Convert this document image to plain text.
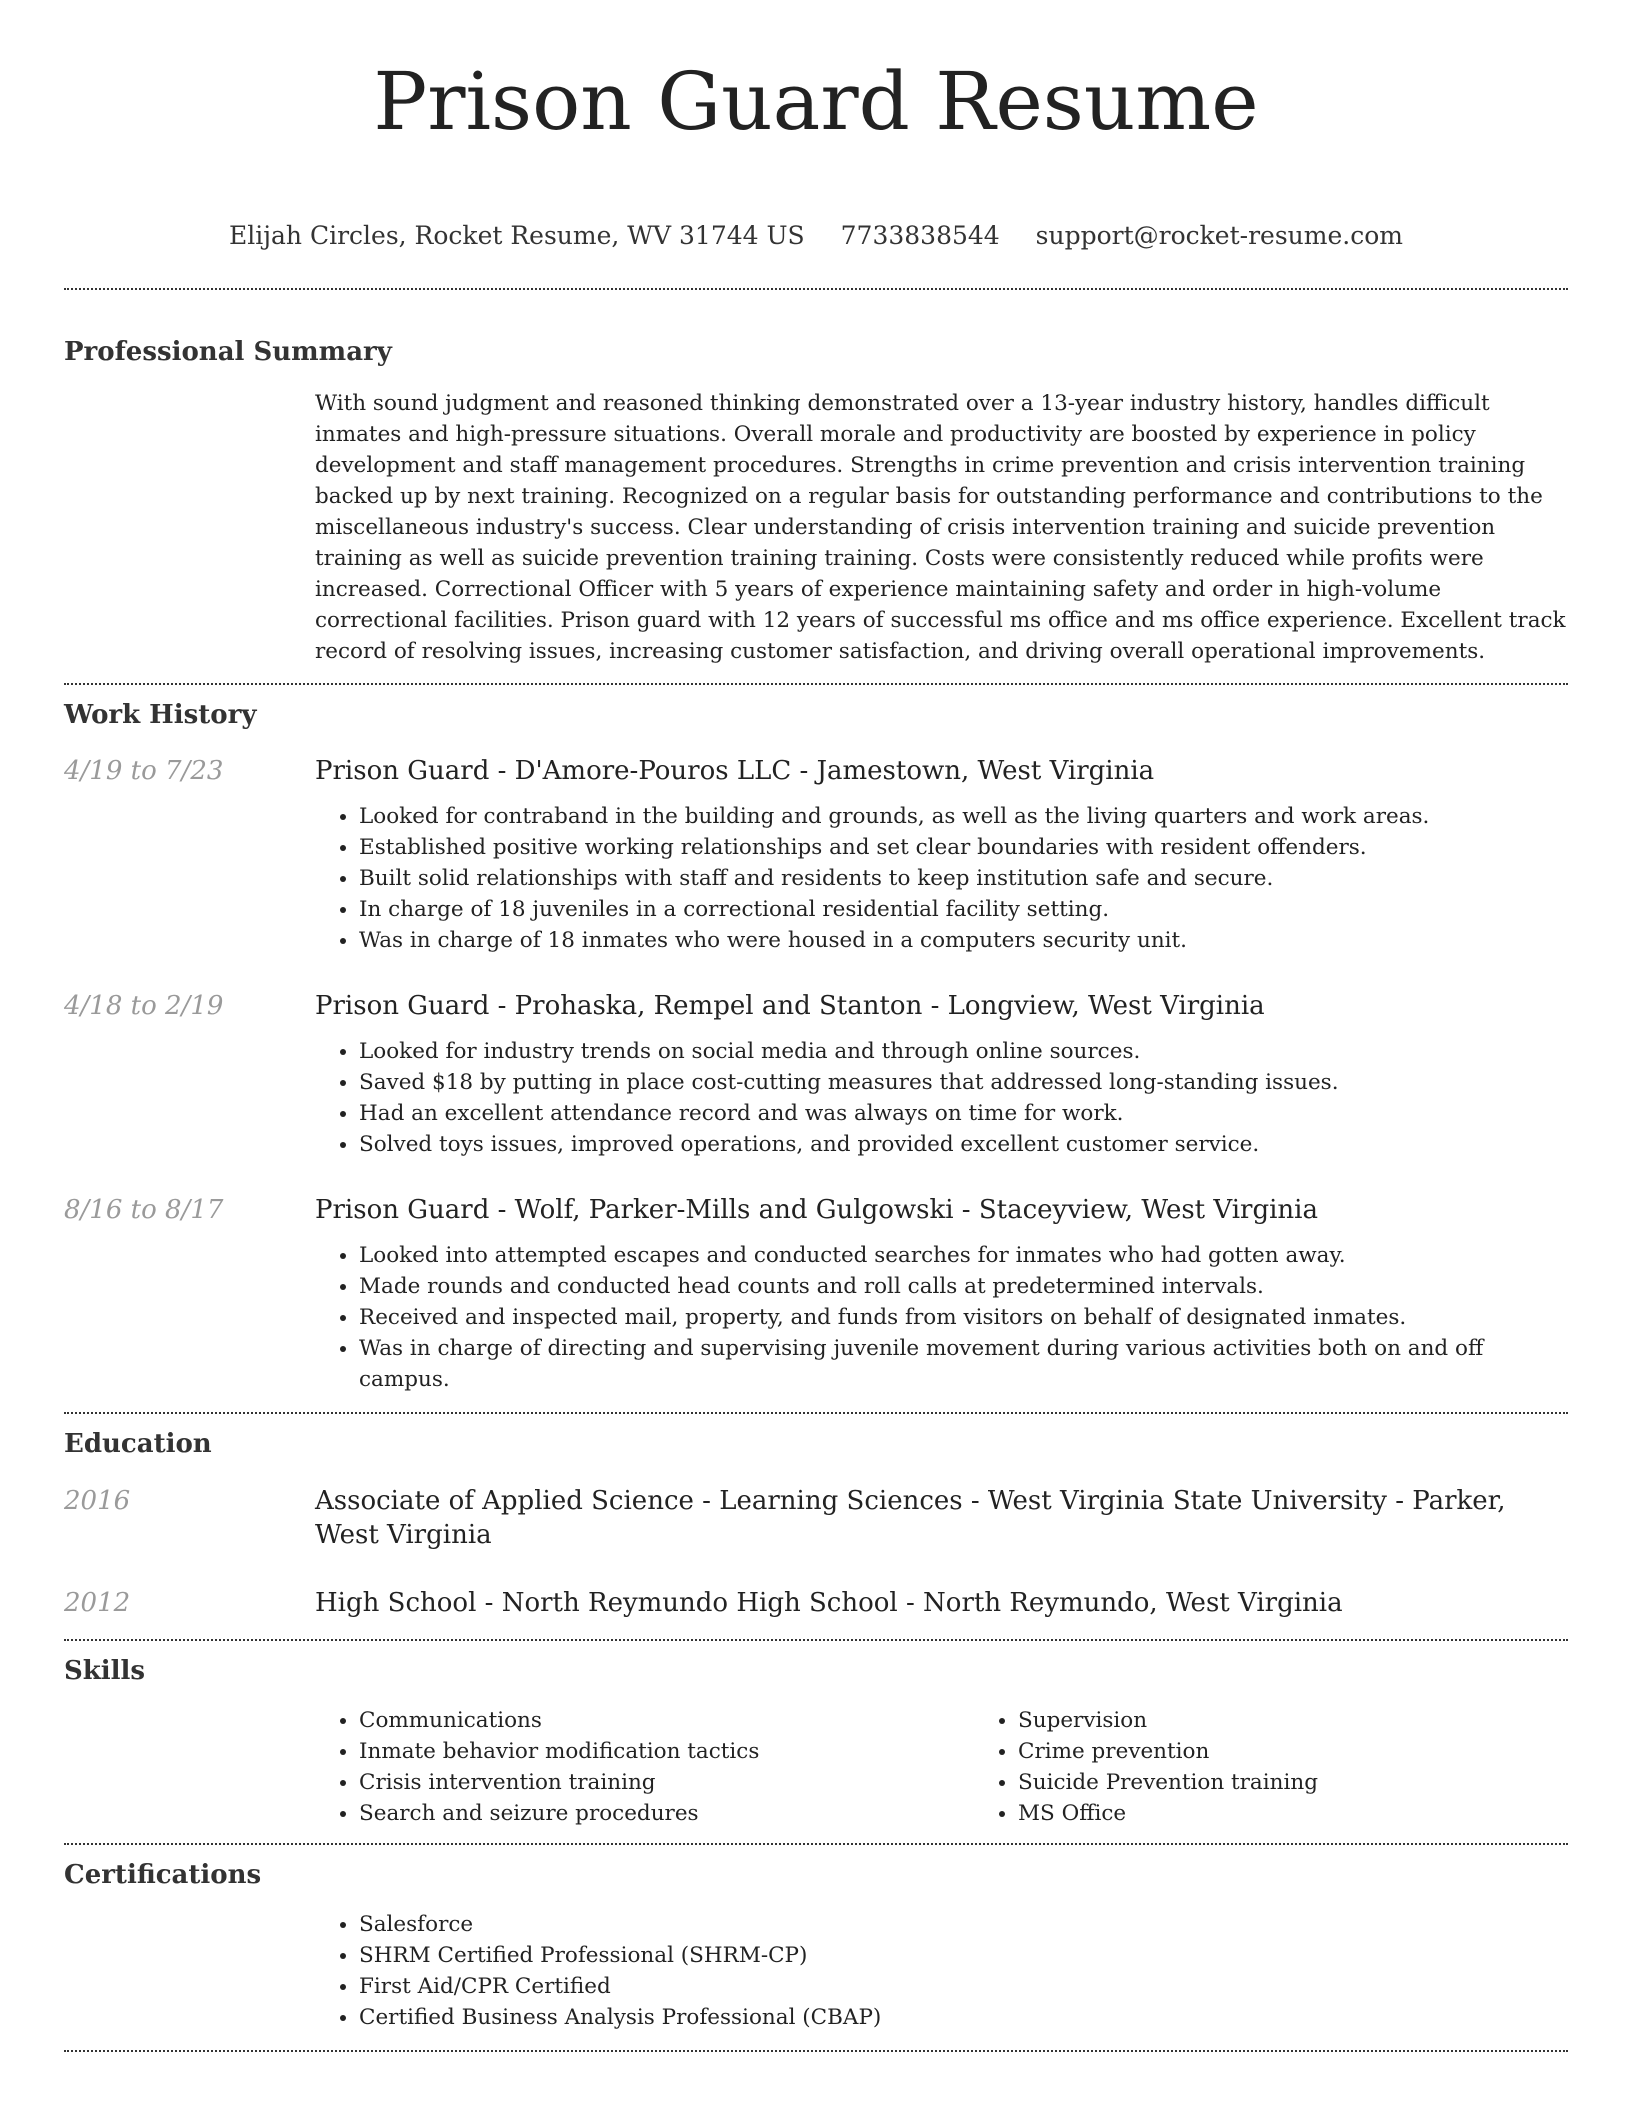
Prison Guard Resume
Elijah Circles, Rocket Resume, WV 31744 US 7733838544 support@rocket-resume.com
Professional Summary

With sound judgment and reasoned thinking demonstrated over a 13-year industry history, handles difficult inmates and high-pressure situations. Overall morale and productivity are boosted by experience in policy development and staff management procedures. Strengths in crime prevention and crisis intervention training backed up by next training. Recognized on a regular basis for outstanding performance and contributions to the miscellaneous industry's success. Clear understanding of crisis intervention training and suicide prevention training as well as suicide prevention training training. Costs were consistently reduced while profits were increased. Correctional Officer with 5 years of experience maintaining safety and order in high-volume correctional facilities. Prison guard with 12 years of successful ms office and ms office experience. Excellent track record of resolving issues, increasing customer satisfaction, and driving overall operational improvements.

Work History
4/19 to 7/23	Prison Guard - D'Amore-Pouros LLC - Jamestown, West Virginia

• Looked for contraband in the building and grounds, as well as the living quarters and work areas.
• Established positive working relationships and set clear boundaries with resident offenders.
• Built solid relationships with staff and residents to keep institution safe and secure.
• In charge of 18 juveniles in a correctional residential facility setting.
• Was in charge of 18 inmates who were housed in a computers security unit.
4/18 to 2/19	Prison Guard - Prohaska, Rempel and Stanton - Longview, West Virginia

• Looked for industry trends on social media and through online sources.
• Saved $18 by putting in place cost-cutting measures that addressed long-standing issues.
• Had an excellent attendance record and was always on time for work.
• Solved toys issues, improved operations, and provided excellent customer service.
8/16 to 8/17	Prison Guard - Wolf, Parker-Mills and Gulgowski - Staceyview, West Virginia

• Looked into attempted escapes and conducted searches for inmates who had gotten away.
• Made rounds and conducted head counts and roll calls at predetermined intervals.
• Received and inspected mail, property, and funds from visitors on behalf of designated inmates.
• Was in charge of directing and supervising juvenile movement during various activities both on and off campus.
Education
2016	Associate of Applied Science - Learning Sciences - West Virginia State University - Parker, West Virginia

2012	High School - North Reymundo High School - North Reymundo, West Virginia

Skills
• Communications
• Inmate behavior modification tactics
• Crisis intervention training
• Search and seizure procedures
• Supervision
• Crime prevention
• Suicide Prevention training
• MS Office
Certifications
• Salesforce
• SHRM Certified Professional (SHRM-CP)
• First Aid/CPR Certified
• Certified Business Analysis Professional (CBAP)
